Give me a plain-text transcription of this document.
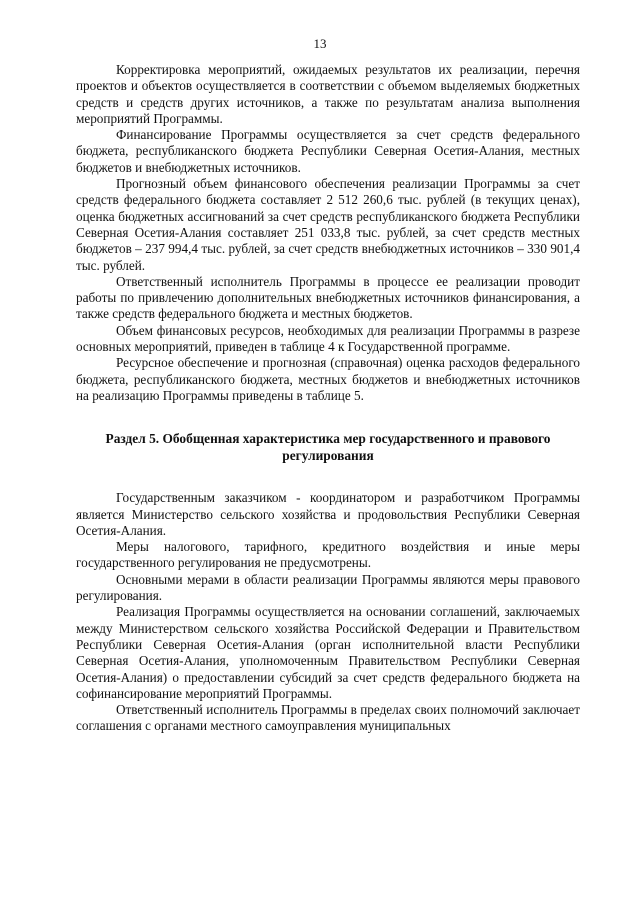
13

Корректировка мероприятий, ожидаемых результатов их реализации, перечня проектов и объектов осуществляется в соответствии с объемом выделяемых бюджетных средств и средств других источников, а также по результатам анализа выполнения мероприятий Программы.

Финансирование Программы осуществляется за счет средств федерального бюджета, республиканского бюджета Республики Северная Осетия-Алания, местных бюджетов и внебюджетных источников.

Прогнозный объем финансового обеспечения реализации Программы за счет средств федерального бюджета составляет 2 512 260,6 тыс. рублей (в текущих ценах), оценка бюджетных ассигнований за счет средств республиканского бюджета Республики Северная Осетия-Алания составляет 251 033,8 тыс. рублей, за счет средств местных бюджетов – 237 994,4 тыс. рублей, за счет средств внебюджетных источников – 330 901,4 тыс. рублей.

Ответственный исполнитель Программы в процессе ее реализации проводит работы по привлечению дополнительных внебюджетных источников финансирования, а также средств федерального бюджета и местных бюджетов.

Объем финансовых ресурсов, необходимых для реализации Программы в разрезе основных мероприятий, приведен в таблице 4 к Государственной программе.

Ресурсное обеспечение и прогнозная (справочная) оценка расходов федерального бюджета, республиканского бюджета, местных бюджетов и внебюджетных источников на реализацию Программы приведены в таблице 5.

Раздел 5. Обобщенная характеристика мер государственного и правового регулирования

Государственным заказчиком - координатором и разработчиком Программы является Министерство сельского хозяйства и продовольствия Республики Северная Осетия-Алания.

Меры налогового, тарифного, кредитного воздействия и иные меры государственного регулирования не предусмотрены.

Основными мерами в области реализации Программы являются меры правового регулирования.

Реализация Программы осуществляется на основании соглашений, заключаемых между Министерством сельского хозяйства Российской Федерации и Правительством Республики Северная Осетия-Алания (орган исполнительной власти Республики Северная Осетия-Алания, уполномоченным Правительством Республики Северная Осетия-Алания) о предоставлении субсидий за счет средств федерального бюджета на софинансирование мероприятий Программы.

Ответственный исполнитель Программы в пределах своих полномочий заключает соглашения с органами местного самоуправления муниципальных
